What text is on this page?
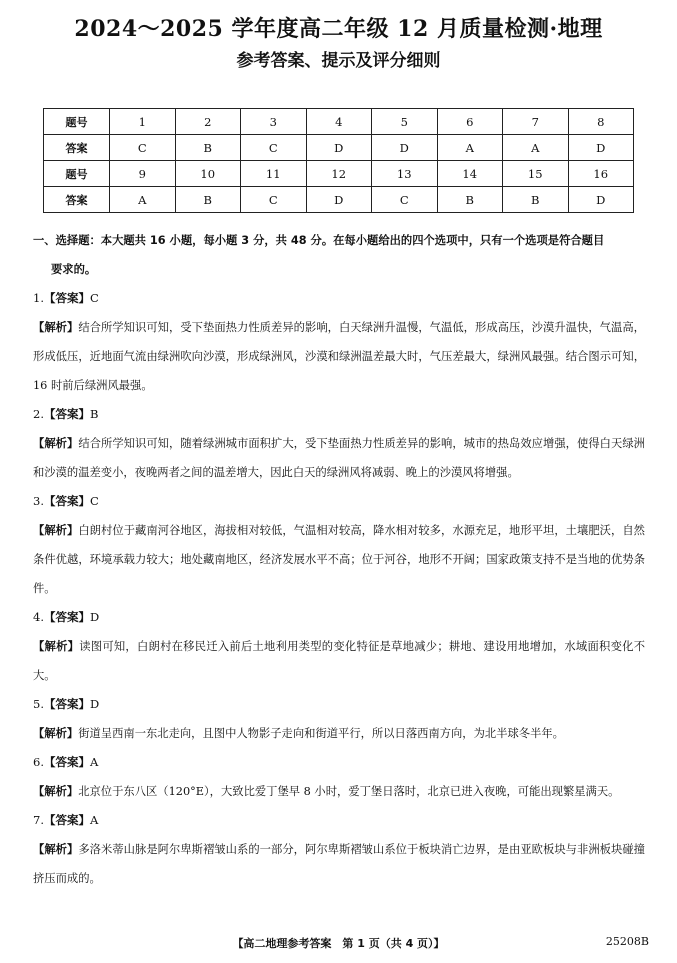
2024～2025 学年度高二年级 12 月质量检测·地理
参考答案、提示及评分细则
题号	1	2	3	4	5	6	7	8
答案	C	B	C	D	D	A	A	D
题号	9	10	11	12	13	14	15	16
答案	A	B	C	D	C	B	B	D
一、选择题：本大题共 16 小题，每小题 3 分，共 48 分。在每小题给出的四个选项中，只有一个选项是符合题目
要求的。
1.【答案】C
【解析】结合所学知识可知，受下垫面热力性质差异的影响，白天绿洲升温慢，气温低，形成高压，沙漠升温快，气温高，形成低压，近地面气流由绿洲吹向沙漠，形成绿洲风，沙漠和绿洲温差最大时，气压差最大，绿洲风最强。结合图示可知，16 时前后绿洲风最强。
2.【答案】B
【解析】结合所学知识可知，随着绿洲城市面积扩大，受下垫面热力性质差异的影响，城市的热岛效应增强，使得白天绿洲和沙漠的温差变小，夜晚两者之间的温差增大，因此白天的绿洲风将减弱、晚上的沙漠风将增强。
3.【答案】C
【解析】白朗村位于藏南河谷地区，海拔相对较低，气温相对较高，降水相对较多，水源充足，地形平坦，土壤肥沃，自然条件优越，环境承载力较大；地处藏南地区，经济发展水平不高；位于河谷，地形不开阔；国家政策支持不是当地的优势条件。
4.【答案】D
【解析】读图可知，白朗村在移民迁入前后土地利用类型的变化特征是草地减少；耕地、建设用地增加，水域面积变化不大。
5.【答案】D
【解析】街道呈西南一东北走向，且图中人物影子走向和街道平行，所以日落西南方向，为北半球冬半年。
6.【答案】A
【解析】北京位于东八区（120°E），大致比爱丁堡早 8 小时，爱丁堡日落时，北京已进入夜晚，可能出现繁星满天。
7.【答案】A
【解析】多洛米蒂山脉是阿尔卑斯褶皱山系的一部分，阿尔卑斯褶皱山系位于板块消亡边界，是由亚欧板块与非洲板块碰撞挤压而成的。
【高二地理参考答案　第 1 页（共 4 页）】	25208B
